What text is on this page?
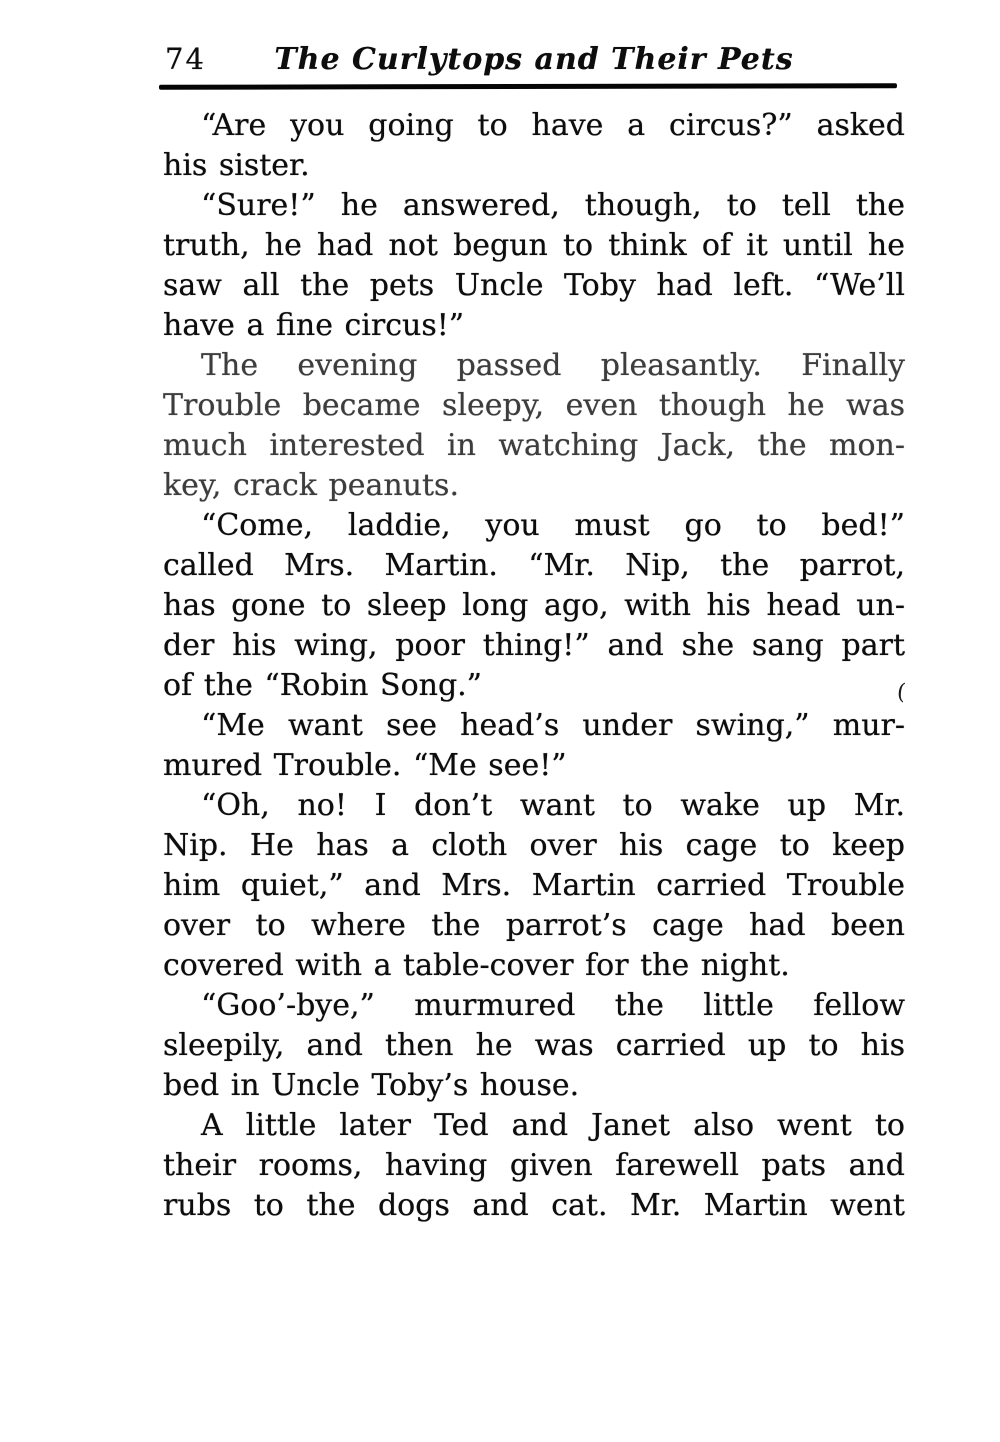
74	The Curlytops and Their Pets

“Are you going to have a circus?” asked
his sister.

“Sure!” he answered, though, to tell the
truth, he had not begun to think of it until he
saw all the pets Uncle Toby had left. “We’ll
have a fine circus!”

The evening passed pleasantly. Finally
Trouble became sleepy, even though he was
much interested in watching Jack, the mon-
key, crack peanuts.

“Come, laddie, you must go to bed!”
called Mrs. Martin. “Mr. Nip, the parrot,
has gone to sleep long ago, with his head un-
der his wing, poor thing!” and she sang part
of the “Robin Song.”

“Me want see head’s under swing,” mur-
mured Trouble. “Me see!”

“Oh, no! I don’t want to wake up Mr.
Nip. He has a cloth over his cage to keep
him quiet,” and Mrs. Martin carried Trouble
over to where the parrot’s cage had been
covered with a table-cover for the night.

“Goo’-bye,” murmured the little fellow
sleepily, and then he was carried up to his
bed in Uncle Toby’s house.

A little later Ted and Janet also went to
their rooms, having given farewell pats and
rubs to the dogs and cat. Mr. Martin went

(
